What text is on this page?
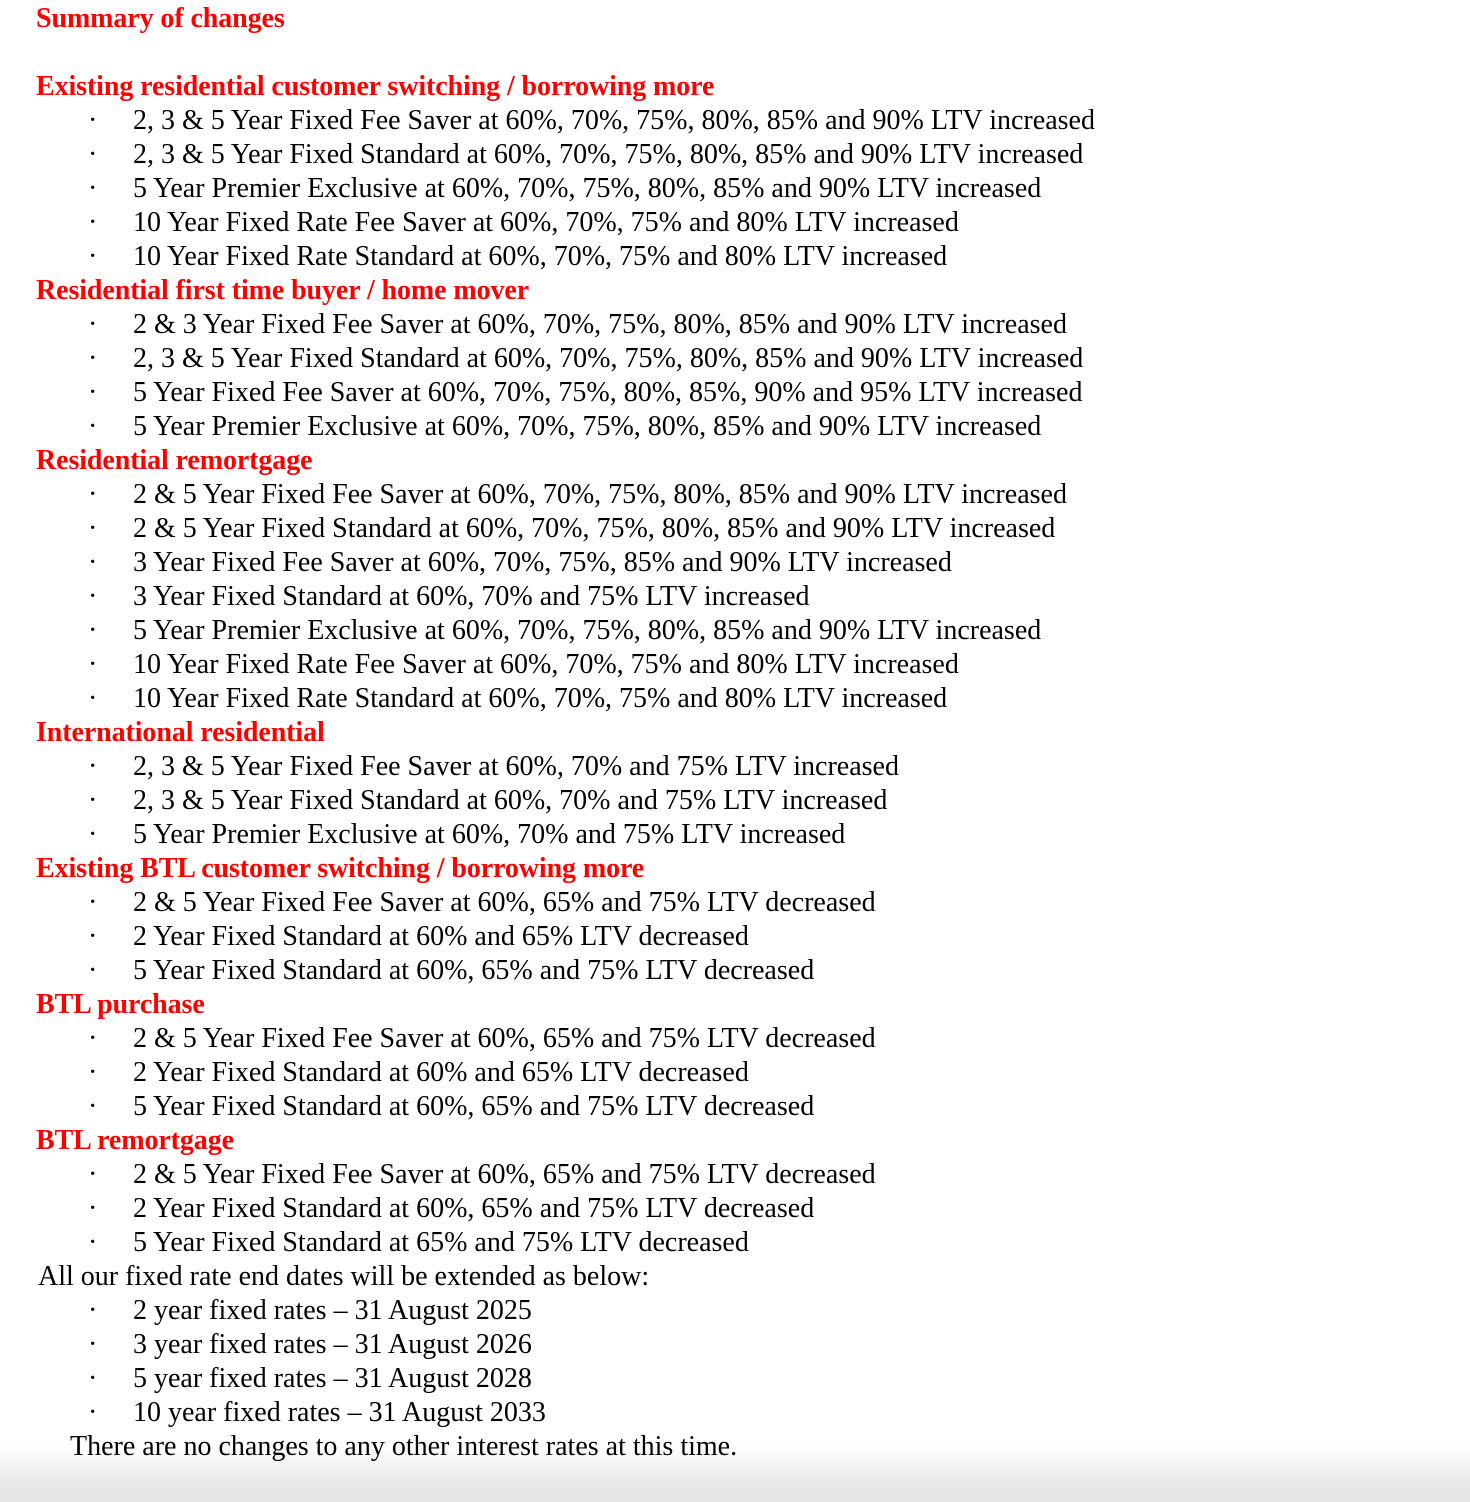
Summary of changes

Existing residential customer switching / borrowing more
· 2, 3 & 5 Year Fixed Fee Saver at 60%, 70%, 75%, 80%, 85% and 90% LTV increased
· 2, 3 & 5 Year Fixed Standard at 60%, 70%, 75%, 80%, 85% and 90% LTV increased
· 5 Year Premier Exclusive at 60%, 70%, 75%, 80%, 85% and 90% LTV increased
· 10 Year Fixed Rate Fee Saver at 60%, 70%, 75% and 80% LTV increased
· 10 Year Fixed Rate Standard at 60%, 70%, 75% and 80% LTV increased
Residential first time buyer / home mover
· 2 & 3 Year Fixed Fee Saver at 60%, 70%, 75%, 80%, 85% and 90% LTV increased
· 2, 3 & 5 Year Fixed Standard at 60%, 70%, 75%, 80%, 85% and 90% LTV increased
· 5 Year Fixed Fee Saver at 60%, 70%, 75%, 80%, 85%, 90% and 95% LTV increased
· 5 Year Premier Exclusive at 60%, 70%, 75%, 80%, 85% and 90% LTV increased
Residential remortgage
· 2 & 5 Year Fixed Fee Saver at 60%, 70%, 75%, 80%, 85% and 90% LTV increased
· 2 & 5 Year Fixed Standard at 60%, 70%, 75%, 80%, 85% and 90% LTV increased
· 3 Year Fixed Fee Saver at 60%, 70%, 75%, 85% and 90% LTV increased
· 3 Year Fixed Standard at 60%, 70% and 75% LTV increased
· 5 Year Premier Exclusive at 60%, 70%, 75%, 80%, 85% and 90% LTV increased
· 10 Year Fixed Rate Fee Saver at 60%, 70%, 75% and 80% LTV increased
· 10 Year Fixed Rate Standard at 60%, 70%, 75% and 80% LTV increased
International residential
· 2, 3 & 5 Year Fixed Fee Saver at 60%, 70% and 75% LTV increased
· 2, 3 & 5 Year Fixed Standard at 60%, 70% and 75% LTV increased
· 5 Year Premier Exclusive at 60%, 70% and 75% LTV increased
Existing BTL customer switching / borrowing more
· 2 & 5 Year Fixed Fee Saver at 60%, 65% and 75% LTV decreased
· 2 Year Fixed Standard at 60% and 65% LTV decreased
· 5 Year Fixed Standard at 60%, 65% and 75% LTV decreased
BTL purchase
· 2 & 5 Year Fixed Fee Saver at 60%, 65% and 75% LTV decreased
· 2 Year Fixed Standard at 60% and 65% LTV decreased
· 5 Year Fixed Standard at 60%, 65% and 75% LTV decreased
BTL remortgage
· 2 & 5 Year Fixed Fee Saver at 60%, 65% and 75% LTV decreased
· 2 Year Fixed Standard at 60%, 65% and 75% LTV decreased
· 5 Year Fixed Standard at 65% and 75% LTV decreased
All our fixed rate end dates will be extended as below:
· 2 year fixed rates – 31 August 2025
· 3 year fixed rates – 31 August 2026
· 5 year fixed rates – 31 August 2028
· 10 year fixed rates – 31 August 2033
There are no changes to any other interest rates at this time.
